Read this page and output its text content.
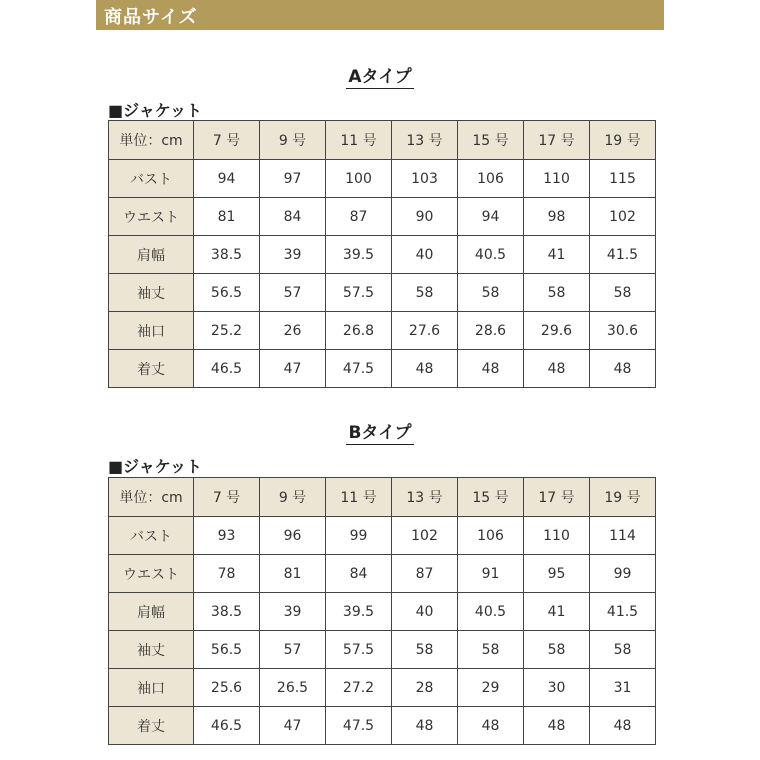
商品サイズ
Aタイプ
■ジャケット
単位：cm	7 号	9 号	11 号	13 号	15 号	17 号	19 号
バスト	94	97	100	103	106	110	115
ウエスト	81	84	87	90	94	98	102
肩幅	38.5	39	39.5	40	40.5	41	41.5
袖丈	56.5	57	57.5	58	58	58	58
袖口	25.2	26	26.8	27.6	28.6	29.6	30.6
着丈	46.5	47	47.5	48	48	48	48
Bタイプ
■ジャケット
単位：cm	7 号	9 号	11 号	13 号	15 号	17 号	19 号
バスト	93	96	99	102	106	110	114
ウエスト	78	81	84	87	91	95	99
肩幅	38.5	39	39.5	40	40.5	41	41.5
袖丈	56.5	57	57.5	58	58	58	58
袖口	25.6	26.5	27.2	28	29	30	31
着丈	46.5	47	47.5	48	48	48	48
